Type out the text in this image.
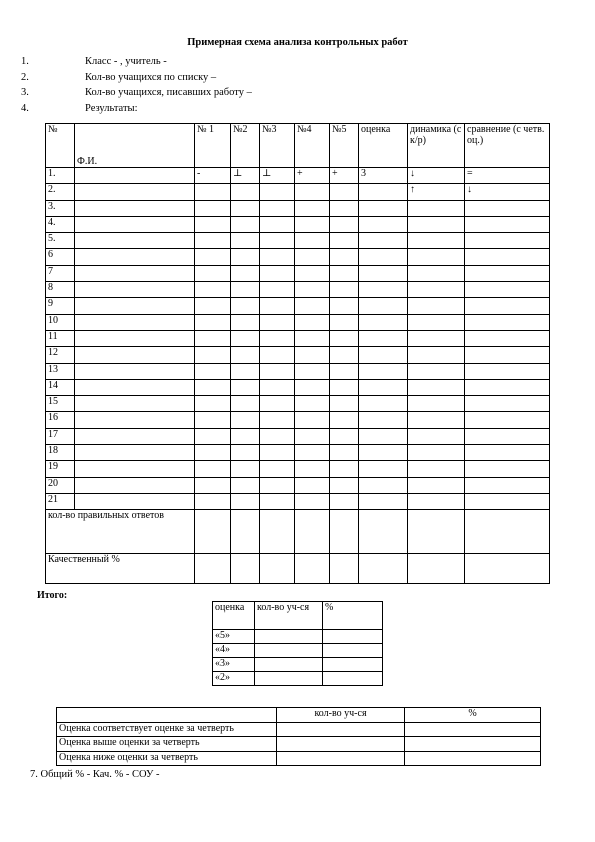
Примерная схема анализа контрольных работ
1.	Класс - , учитель -
2.	Кол-во учащихся по списку –
3.	Кол-во учащихся, писавших работу –
4.	Результаты:
№	Ф.И.	№ 1	№2	№3	№4	№5	оценка	динамика (с к/р)	сравнение (с четв. оц.)
1.		-	⊥	⊥	+	+	3	↓	=
2.								↑	↓
3.									
4.									
5.									
6									
7									
8									
9									
10									
11									
12									
13									
14									
15									
16									
17									
18									
19									
20									
21									
кол-во правильных ответов									
Качественный %									
Итого:
оценка	кол-во уч-ся	%
«5»		
«4»		
«3»		
«2»		
	кол-во уч-ся	%
Оценка соответствует оценке за четверть		
Оценка выше оценки за четверть		
Оценка ниже оценки за четверть		
7. Общий % - Кач. % - СОУ -
